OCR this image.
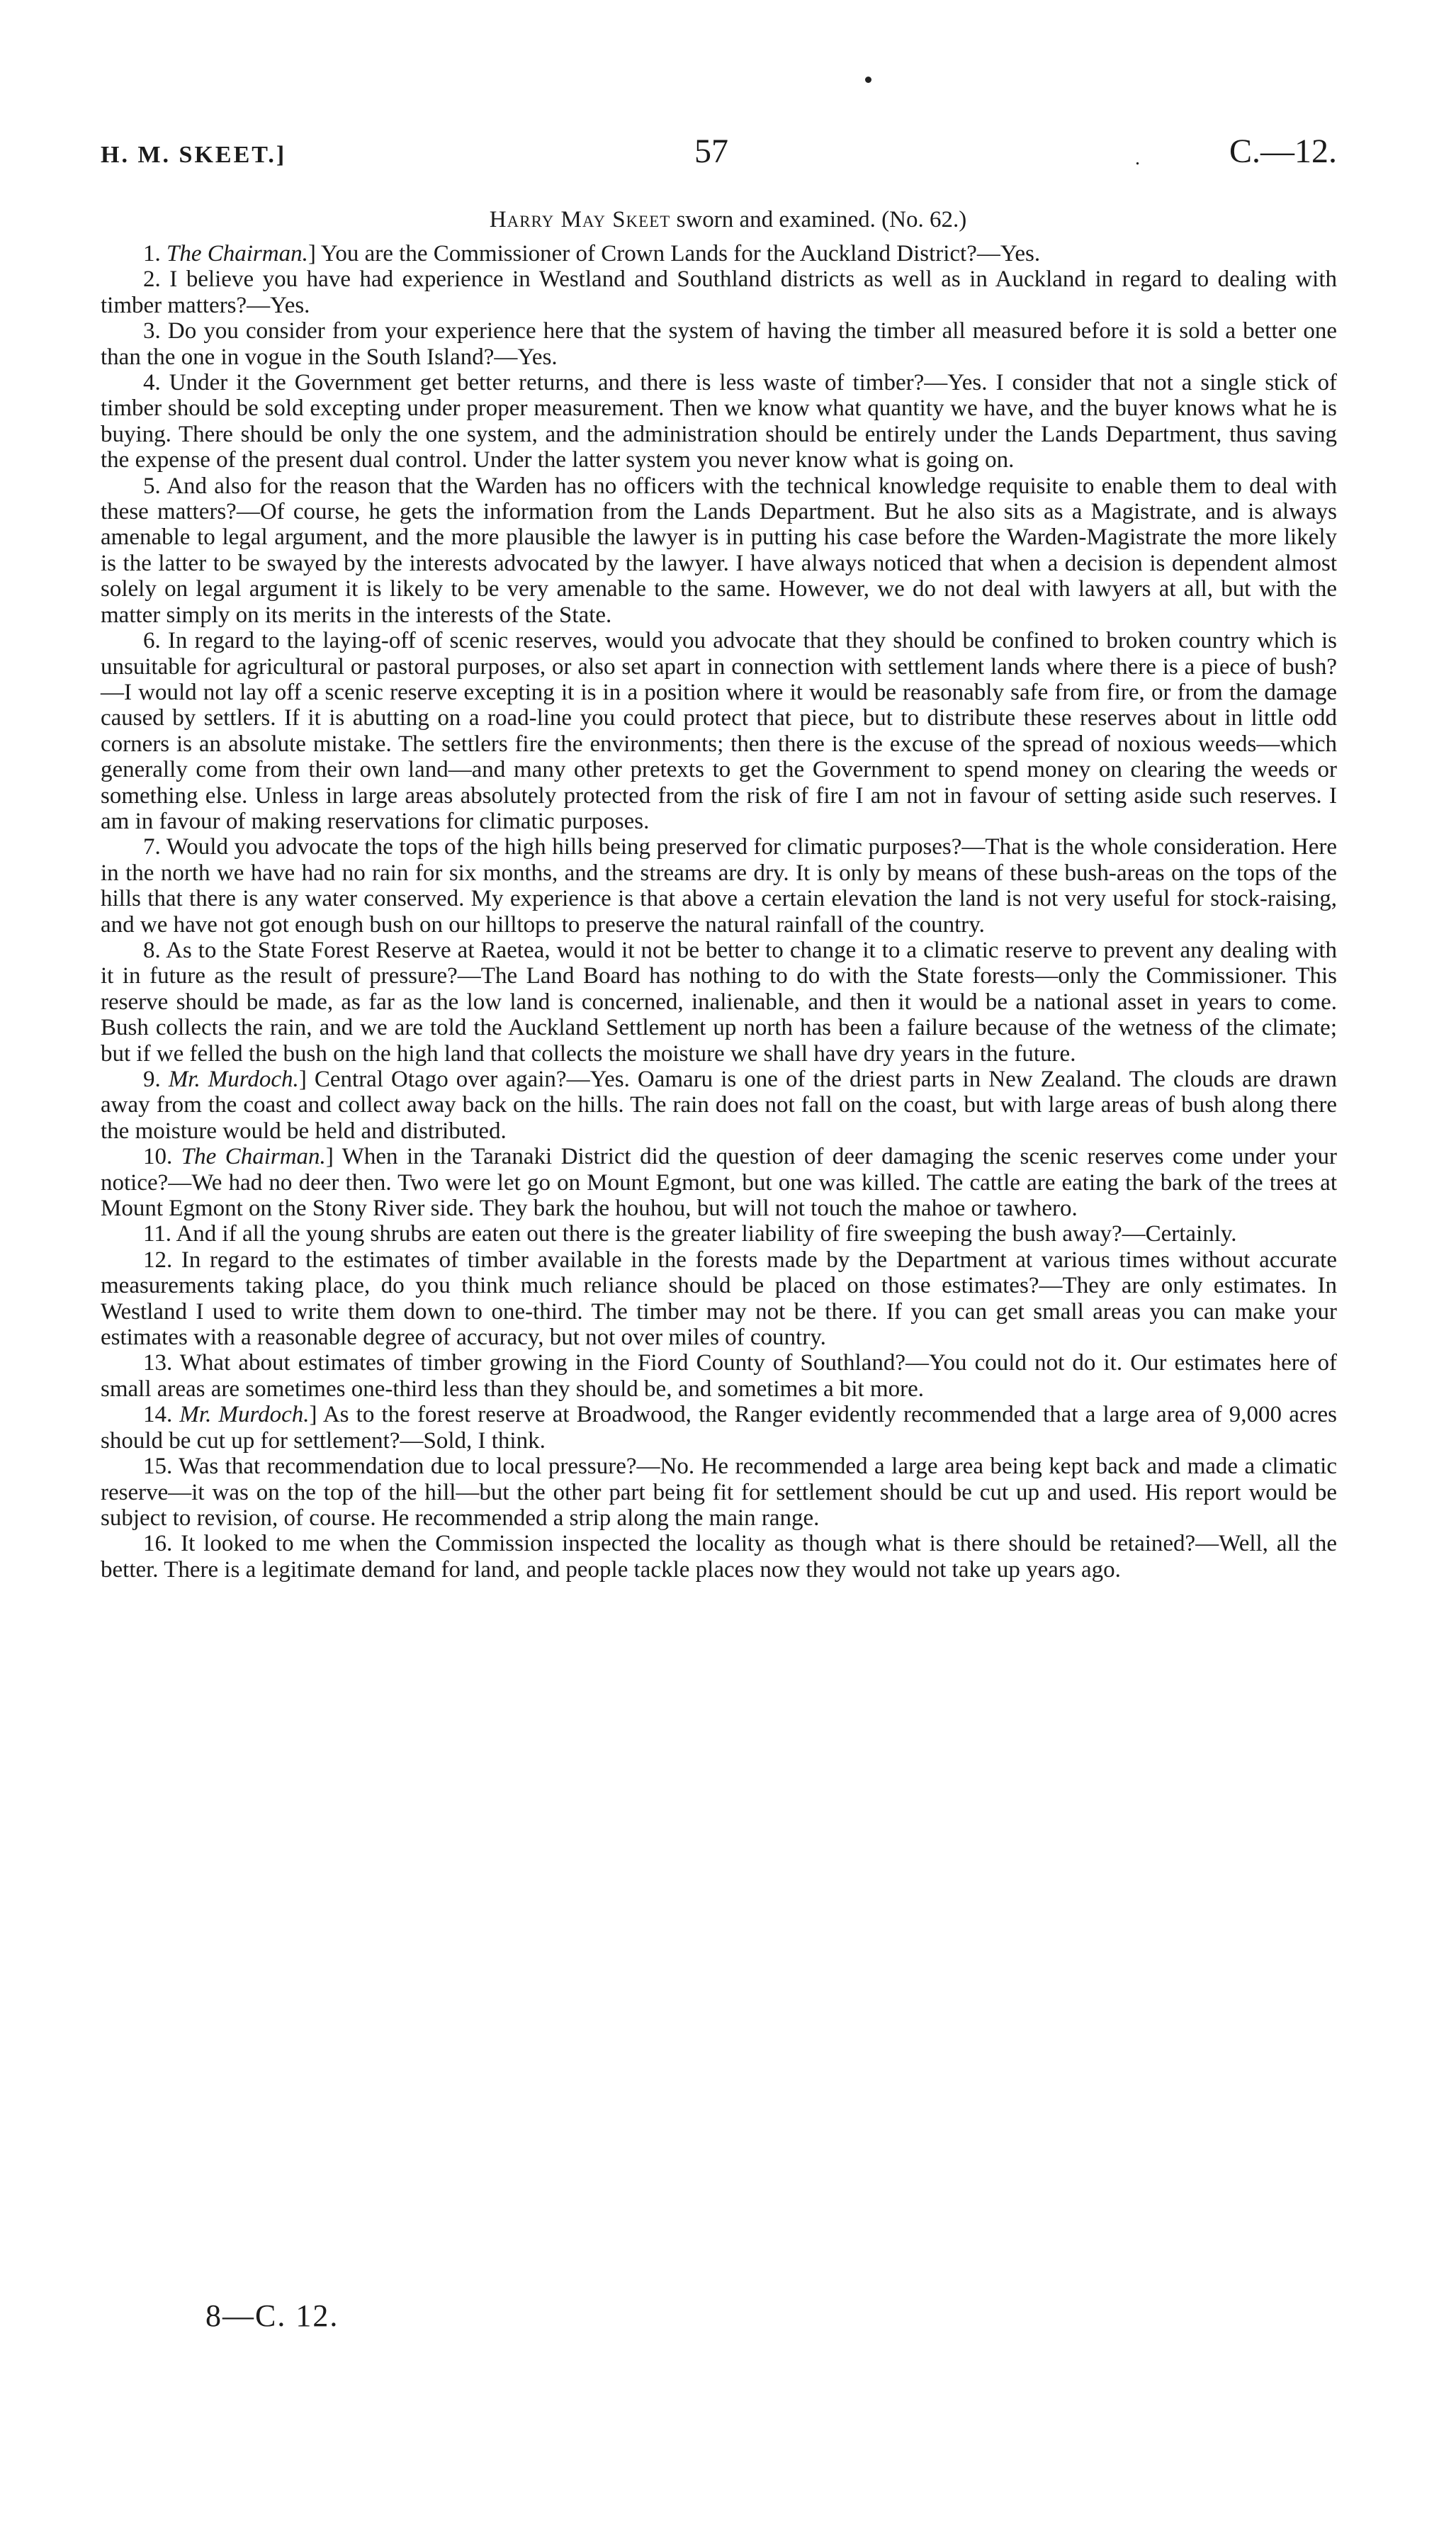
H. M. SKEET.]	57	.	C.—12.
Harry May Skeet sworn and examined. (No. 62.)

1. The Chairman.] You are the Commissioner of Crown Lands for the Auckland District?—Yes.

2. I believe you have had experience in Westland and Southland districts as well as in Auckland in regard to dealing with timber matters?—Yes.

3. Do you consider from your experience here that the system of having the timber all measured before it is sold a better one than the one in vogue in the South Island?—Yes.

4. Under it the Government get better returns, and there is less waste of timber?—Yes. I consider that not a single stick of timber should be sold excepting under proper measurement. Then we know what quantity we have, and the buyer knows what he is buying. There should be only the one system, and the administration should be entirely under the Lands Department, thus saving the expense of the present dual control. Under the latter system you never know what is going on.

5. And also for the reason that the Warden has no officers with the technical knowledge requisite to enable them to deal with these matters?—Of course, he gets the information from the Lands Department. But he also sits as a Magistrate, and is always amenable to legal argument, and the more plausible the lawyer is in putting his case before the Warden-Magistrate the more likely is the latter to be swayed by the interests advocated by the lawyer. I have always noticed that when a decision is dependent almost solely on legal argument it is likely to be very amenable to the same. However, we do not deal with lawyers at all, but with the matter simply on its merits in the interests of the State.

6. In regard to the laying-off of scenic reserves, would you advocate that they should be confined to broken country which is unsuitable for agricultural or pastoral purposes, or also set apart in connection with settlement lands where there is a piece of bush?—I would not lay off a scenic reserve excepting it is in a position where it would be reasonably safe from fire, or from the damage caused by settlers. If it is abutting on a road-line you could protect that piece, but to distribute these reserves about in little odd corners is an absolute mistake. The settlers fire the environments; then there is the excuse of the spread of noxious weeds—which generally come from their own land—and many other pretexts to get the Government to spend money on clearing the weeds or something else. Unless in large areas absolutely protected from the risk of fire I am not in favour of setting aside such reserves. I am in favour of making reservations for climatic purposes.

7. Would you advocate the tops of the high hills being preserved for climatic purposes?—That is the whole consideration. Here in the north we have had no rain for six months, and the streams are dry. It is only by means of these bush-areas on the tops of the hills that there is any water conserved. My experience is that above a certain elevation the land is not very useful for stock-raising, and we have not got enough bush on our hilltops to preserve the natural rainfall of the country.

8. As to the State Forest Reserve at Raetea, would it not be better to change it to a climatic reserve to prevent any dealing with it in future as the result of pressure?—The Land Board has nothing to do with the State forests—only the Commissioner. This reserve should be made, as far as the low land is concerned, inalienable, and then it would be a national asset in years to come. Bush collects the rain, and we are told the Auckland Settlement up north has been a failure because of the wetness of the climate; but if we felled the bush on the high land that collects the moisture we shall have dry years in the future.

9. Mr. Murdoch.] Central Otago over again?—Yes. Oamaru is one of the driest parts in New Zealand. The clouds are drawn away from the coast and collect away back on the hills. The rain does not fall on the coast, but with large areas of bush along there the moisture would be held and distributed.

10. The Chairman.] When in the Taranaki District did the question of deer damaging the scenic reserves come under your notice?—We had no deer then. Two were let go on Mount Egmont, but one was killed. The cattle are eating the bark of the trees at Mount Egmont on the Stony River side. They bark the houhou, but will not touch the mahoe or tawhero.

11. And if all the young shrubs are eaten out there is the greater liability of fire sweeping the bush away?—Certainly.

12. In regard to the estimates of timber available in the forests made by the Department at various times without accurate measurements taking place, do you think much reliance should be placed on those estimates?—They are only estimates. In Westland I used to write them down to one-third. The timber may not be there. If you can get small areas you can make your estimates with a reasonable degree of accuracy, but not over miles of country.

13. What about estimates of timber growing in the Fiord County of Southland?—You could not do it. Our estimates here of small areas are sometimes one-third less than they should be, and sometimes a bit more.

14. Mr. Murdoch.] As to the forest reserve at Broadwood, the Ranger evidently recommended that a large area of 9,000 acres should be cut up for settlement?—Sold, I think.

15. Was that recommendation due to local pressure?—No. He recommended a large area being kept back and made a climatic reserve—it was on the top of the hill—but the other part being fit for settlement should be cut up and used. His report would be subject to revision, of course. He recommended a strip along the main range.

16. It looked to me when the Commission inspected the locality as though what is there should be retained?—Well, all the better. There is a legitimate demand for land, and people tackle places now they would not take up years ago.

8—C. 12.
